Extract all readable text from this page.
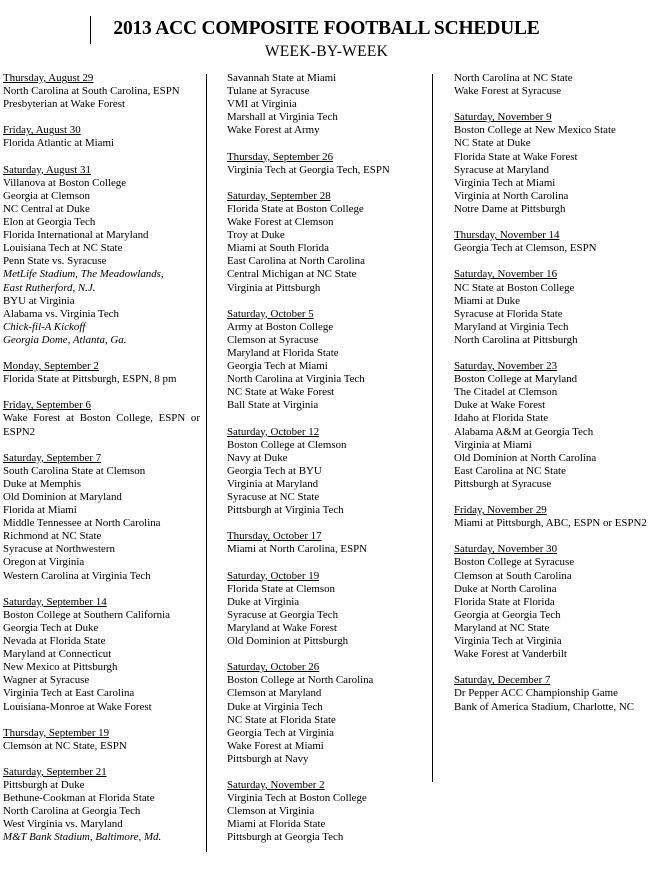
2013 ACC COMPOSITE FOOTBALL SCHEDULE
WEEK-BY-WEEK
Thursday, August 29
North Carolina at South Carolina, ESPN
Presbyterian at Wake Forest
Friday, August 30
Florida Atlantic at Miami
Saturday, August 31
Villanova at Boston College
Georgia at Clemson
NC Central at Duke
Elon at Georgia Tech
Florida International at Maryland
Louisiana Tech at NC State
Penn State vs. Syracuse
MetLife Stadium, The Meadowlands,
East Rutherford, N.J.
BYU at Virginia
Alabama vs. Virginia Tech
Chick-fil-A Kickoff
Georgia Dome, Atlanta, Ga.
Monday, September 2
Florida State at Pittsburgh, ESPN, 8 pm
Friday, September 6
Wake Forest at Boston College, ESPN or ESPN2
Saturday, September 7
South Carolina State at Clemson
Duke at Memphis
Old Dominion at Maryland
Florida at Miami
Middle Tennessee at North Carolina
Richmond at NC State
Syracuse at Northwestern
Oregon at Virginia
Western Carolina at Virginia Tech
Saturday, September 14
Boston College at Southern California
Georgia Tech at Duke
Nevada at Florida State
Maryland at Connecticut
New Mexico at Pittsburgh
Wagner at Syracuse
Virginia Tech at East Carolina
Louisiana-Monroe at Wake Forest
Thursday, September 19
Clemson at NC State, ESPN
Saturday, September 21
Pittsburgh at Duke
Bethune-Cookman at Florida State
North Carolina at Georgia Tech
West Virginia vs. Maryland
M&T Bank Stadium, Baltimore, Md.
Savannah State at Miami
Tulane at Syracuse
VMI at Virginia
Marshall at Virginia Tech
Wake Forest at Army
Thursday, September 26
Virginia Tech at Georgia Tech, ESPN
Saturday, September 28
Florida State at Boston College
Wake Forest at Clemson
Troy at Duke
Miami at South Florida
East Carolina at North Carolina
Central Michigan at NC State
Virginia at Pittsburgh
Saturday, October 5
Army at Boston College
Clemson at Syracuse
Maryland at Florida State
Georgia Tech at Miami
North Carolina at Virginia Tech
NC State at Wake Forest
Ball State at Virginia
Saturday, October 12
Boston College at Clemson
Navy at Duke
Georgia Tech at BYU
Virginia at Maryland
Syracuse at NC State
Pittsburgh at Virginia Tech
Thursday, October 17
Miami at North Carolina, ESPN
Saturday, October 19
Florida State at Clemson
Duke at Virginia
Syracuse at Georgia Tech
Maryland at Wake Forest
Old Dominion at Pittsburgh
Saturday, October 26
Boston College at North Carolina
Clemson at Maryland
Duke at Virginia Tech
NC State at Florida State
Georgia Tech at Virginia
Wake Forest at Miami
Pittsburgh at Navy
Saturday, November 2
Virginia Tech at Boston College
Clemson at Virginia
Miami at Florida State
Pittsburgh at Georgia Tech
North Carolina at NC State
Wake Forest at Syracuse
Saturday, November 9
Boston College at New Mexico State
NC State at Duke
Florida State at Wake Forest
Syracuse at Maryland
Virginia Tech at Miami
Virginia at North Carolina
Notre Dame at Pittsburgh
Thursday, November 14
Georgia Tech at Clemson, ESPN
Saturday, November 16
NC State at Boston College
Miami at Duke
Syracuse at Florida State
Maryland at Virginia Tech
North Carolina at Pittsburgh
Saturday, November 23
Boston College at Maryland
The Citadel at Clemson
Duke at Wake Forest
Idaho at Florida State
Alabama A&M at Georgia Tech
Virginia at Miami
Old Dominion at North Carolina
East Carolina at NC State
Pittsburgh at Syracuse
Friday, November 29
Miami at Pittsburgh, ABC, ESPN or ESPN2
Saturday, November 30
Boston College at Syracuse
Clemson at South Carolina
Duke at North Carolina
Florida State at Florida
Georgia at Georgia Tech
Maryland at NC State
Virginia Tech at Virginia
Wake Forest at Vanderbilt
Saturday, December 7
Dr Pepper ACC Championship Game
Bank of America Stadium, Charlotte, NC
